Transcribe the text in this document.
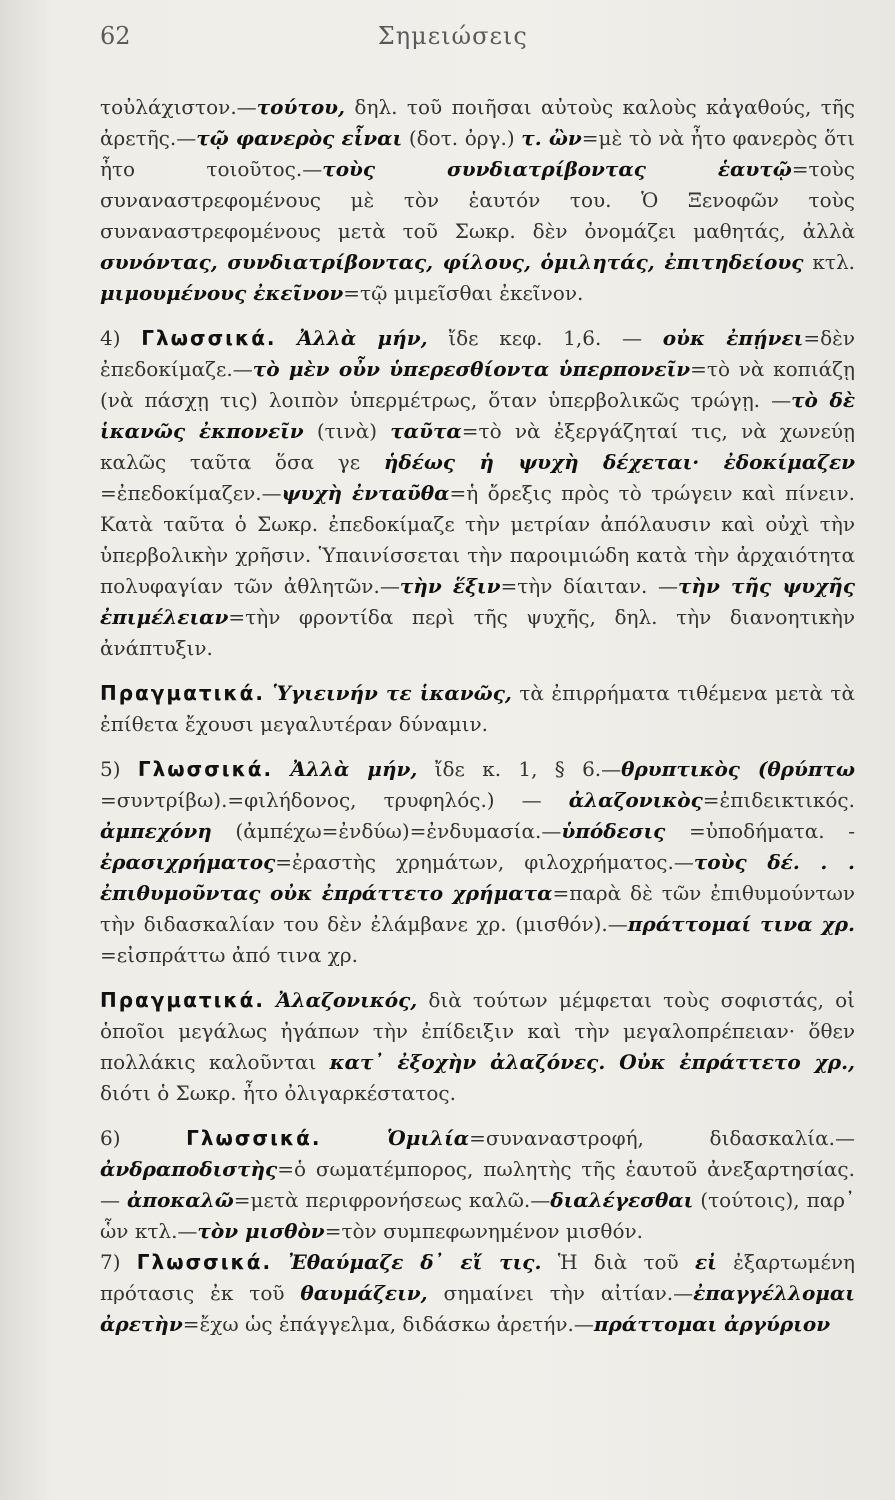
62	Σημειώσεις

τοὐλάχιστον.—τούτου, δηλ. τοῦ ποιῆσαι αὐτοὺς καλοὺς κἀγαθούς, τῆς ἀρετῆς.—τῷ φανερὸς εἶναι (δοτ. ὀργ.) τ. ὢν=μὲ τὸ νὰ ἦτο φανερὸς ὅτι ἦτο τοιοῦτος.—τοὺς συνδιατρίβοντας ἑαυτῷ=τοὺς συναναστρεφομένους μὲ τὸν ἑαυτόν του. Ὁ Ξενοφῶν τοὺς συναναστρεφομένους μετὰ τοῦ Σωκρ. δὲν ὀνομάζει μαθητάς, ἀλλὰ συνόντας, συνδιατρίβοντας, φίλους, ὁμιλητάς, ἐπιτηδείους κτλ. μιμουμένους ἐκεῖνον=τῷ μιμεῖσθαι ἐκεῖνον.

4) Γλωσσικά. Ἀλλὰ μήν, ἴδε κεφ. 1,6. — οὐκ ἐπῄνει=δὲν ἐπεδοκίμαζε.—τὸ μὲν οὖν ὑπερεσθίοντα ὑπερπονεῖν=τὸ νὰ κοπιάζῃ (νὰ πάσχῃ τις) λοιπὸν ὑπερμέτρως, ὅταν ὑπερβολικῶς τρώγῃ. —τὸ δὲ ἱκανῶς ἐκπονεῖν (τινὰ) ταῦτα=τὸ νὰ ἐξεργάζηταί τις, νὰ χωνεύῃ καλῶς ταῦτα ὅσα γε ἡδέως ἡ ψυχὴ δέχεται· ἐδοκίμαζεν =ἐπεδοκίμαζεν.—ψυχὴ ἐνταῦθα=ἡ ὄρεξις πρὸς τὸ τρώγειν καὶ πίνειν. Κατὰ ταῦτα ὁ Σωκρ. ἐπεδοκίμαζε τὴν μετρίαν ἀπόλαυσιν καὶ οὐχὶ τὴν ὑπερβολικὴν χρῆσιν. Ὑπαινίσσεται τὴν παροιμιώδη κατὰ τὴν ἀρχαιότητα πολυφαγίαν τῶν ἀθλητῶν.—τὴν ἕξιν=τὴν δίαιταν. —τὴν τῆς ψυχῆς ἐπιμέλειαν=τὴν φροντίδα περὶ τῆς ψυχῆς, δηλ. τὴν διανοητικὴν ἀνάπτυξιν.

Πραγματικά. Ὑγιεινήν τε ἱκανῶς, τὰ ἐπιρρήματα τιθέμενα μετὰ τὰ ἐπίθετα ἔχουσι μεγαλυτέραν δύναμιν.

5) Γλωσσικά. Ἀλλὰ μήν, ἴδε κ. 1, § 6.—θρυπτικὸς (θρύπτω =συντρίβω).=φιλήδονος, τρυφηλός.) — ἀλαζονικὸς=ἐπιδεικτικός. ἀμπεχόνη (ἀμπέχω=ἐνδύω)=ἐνδυμασία.—ὑπόδεσις =ὑποδήματα. - ἐρασιχρήματος=ἐραστὴς χρημάτων, φιλοχρήματος.—τοὺς δέ. . . ἐπιθυμοῦντας οὐκ ἐπράττετο χρήματα=παρὰ δὲ τῶν ἐπιθυμούντων τὴν διδασκαλίαν του δὲν ἐλάμβανε χρ. (μισθόν).—πράττομαί τινα χρ. =εἰσπράττω ἀπό τινα χρ.

Πραγματικά. Ἀλαζονικός, διὰ τούτων μέμφεται τοὺς σοφιστάς, οἱ ὁποῖοι μεγάλως ἠγάπων τὴν ἐπίδειξιν καὶ τὴν μεγαλοπρέπειαν· ὅθεν πολλάκις καλοῦνται κατ᾽ ἐξοχὴν ἀλαζόνες. Οὐκ ἐπράττετο χρ., διότι ὁ Σωκρ. ἦτο ὀλιγαρκέστατος.

6) Γλωσσικά.	Ὁμιλία=συναναστροφή, διδασκαλία.—ἀνδραποδιστὴς=ὁ σωματέμπορος, πωλητὴς τῆς ἑαυτοῦ ἀνεξαρτησίας.— ἀποκαλῶ=μετὰ περιφρονήσεως καλῶ.—διαλέγεσθαι (τούτοις), παρ᾽ ὧν κτλ.—τὸν μισθὸν=τὸν συμπεφωνημένον μισθόν.

7) Γλωσσικά. Ἐθαύμαζε δ᾽ εἴ τις. Ἡ διὰ τοῦ εἰ ἐξαρτωμένη πρότασις ἐκ τοῦ θαυμάζειν, σημαίνει τὴν αἰτίαν.—ἐπαγγέλλομαι ἀρετὴν=ἔχω ὡς ἐπάγγελμα, διδάσκω ἀρετήν.—πράττομαι ἀργύριον
